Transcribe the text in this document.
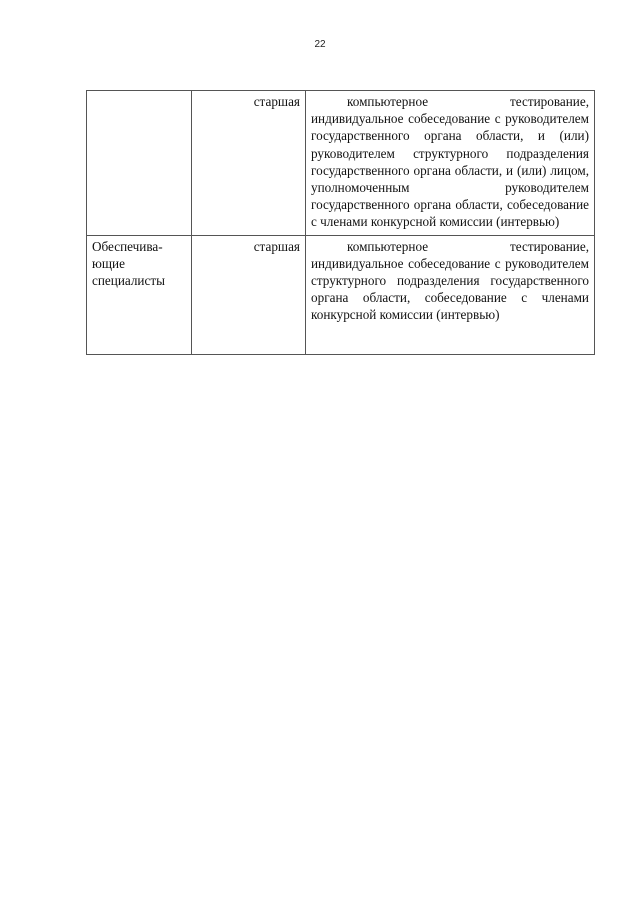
22
	старшая	компьютерное тестирование, индивидуальное собеседование с руководителем государственного органа области, и (или) руководителем структурного подразделения государственного органа области, и (или) лицом, уполномоченным руководителем государственного органа области, собеседование с членами конкурсной комиссии (интервью)
Обеспечива-ющие специалисты	старшая	компьютерное тестирование, индивидуальное собеседование с руководителем структурного подразделения государственного органа области, собеседование с членами конкурсной комиссии (интервью)
